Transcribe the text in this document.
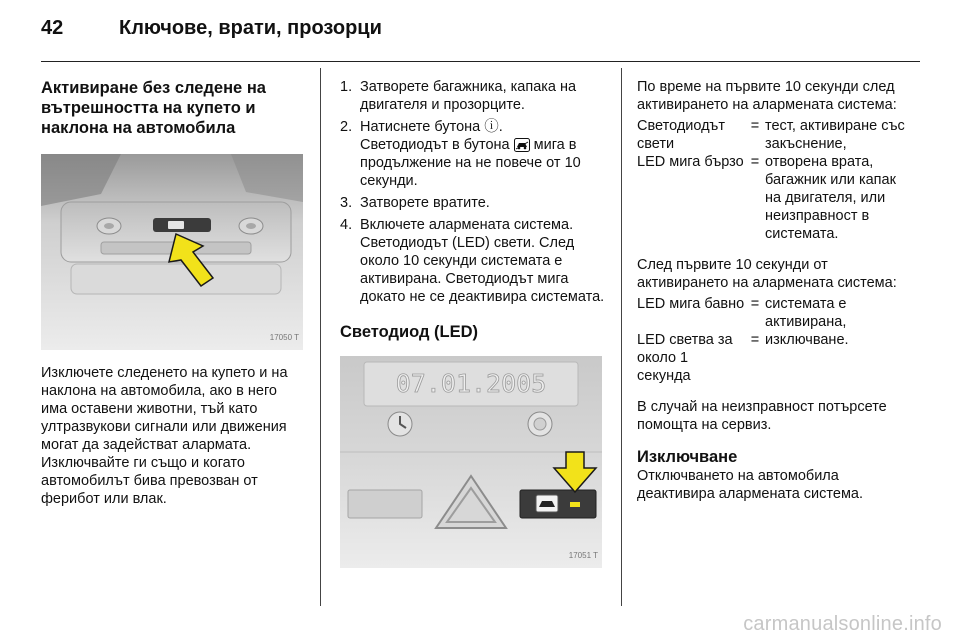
42	Ключове, врати, прозорци
Активиране без следене на вътрешността на купето и наклона на автомобила
17050 T

Изключете следенето на купето и на наклона на автомобила, ако в него има оставени животни, тъй като ултразвукови сигнали или движения могат да задействат алармата. Изключвайте ги също и когато автомобилът бива превозван от ферибот или влак.

1. Затворете багажника, капака на двигателя и прозорците.
2. Натиснете бутона ⓘ.
Светодиодът в бутона  мига в продължение на не повече от 10 секунди.
3. Затворете вратите.
4. Включете алармената система. Светодиодът (LED) свети. След около 10 секунди системата е активирана. Светодиодът мига докато не се деактивира системата.
Светодиод (LED)
07.01.2005
17051 T

По време на първите 10 секунди след активирането на алармената система:

Светодиодът свети
= тест, активиране със закъснение,
LED мига бързо = отворена врата, багажник или капак на двигателя, или неизправност в системата.

След първите 10 секунди от активирането на алармената система:

LED мига бавно = системата е активирана,
LED светва за около 1 секунда
= изключване.

В случай на неизправност потърсете помощта на сервиз.

Изключване

Отключването на автомобила деактивира алармената система.

carmanualsonline.info
